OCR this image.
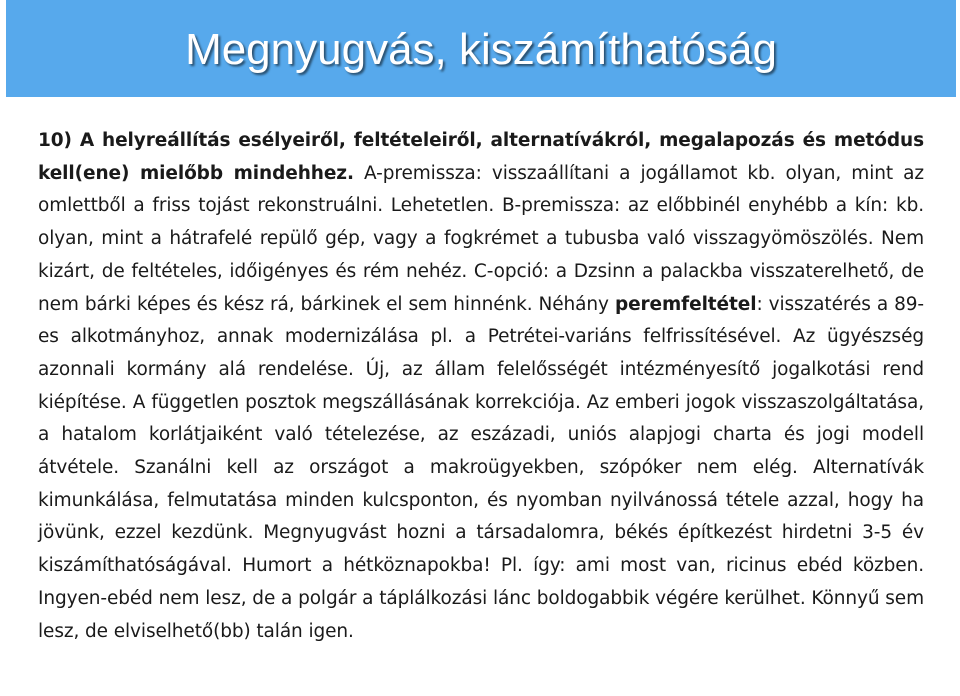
Megnyugvás, kiszámíthatóság
10) A helyreállítás esélyeiről, feltételeiről, alternatívákról, megalapozás és metódus kell(ene) mielőbb mindehhez. A-premissza: visszaállítani a jogállamot kb. olyan, mint az omlettből a friss tojást rekonstruálni. Lehetetlen. B-premissza: az előbbinél enyhébb a kín: kb. olyan, mint a hátrafelé repülő gép, vagy a fogkrémet a tubusba való visszagyömöszölés. Nem kizárt, de feltételes, időigényes és rém nehéz. C-opció: a Dzsinn a palackba visszaterelhető, de nem bárki képes és kész rá, bárkinek el sem hinnénk. Néhány peremfeltétel: visszatérés a 89-es alkotmányhoz, annak modernizálása pl. a Petrétei-variáns felfrissítésével. Az ügyészség azonnali kormány alá rendelése. Új, az állam felelősségét intézményesítő jogalkotási rend kiépítése. A független posztok megszállásának korrekciója. Az emberi jogok visszaszolgáltatása, a hatalom korlátjaiként való tételezése, az eszázadi, uniós alapjogi charta és jogi modell átvétele. Szanálni kell az országot a makroügyekben, szópóker nem elég. Alternatívák kimunkálása, felmutatása minden kulcsponton, és nyomban nyilvánossá tétele azzal, hogy ha jövünk, ezzel kezdünk. Megnyugvást hozni a társadalomra, békés építkezést hirdetni 3-5 év kiszámíthatóságával. Humort a hétköznapokba! Pl. így: ami most van, ricinus ebéd közben. Ingyen-ebéd nem lesz, de a polgár a táplálkozási lánc boldogabbik végére kerülhet. Könnyű sem lesz, de elviselhető(bb) talán igen.
